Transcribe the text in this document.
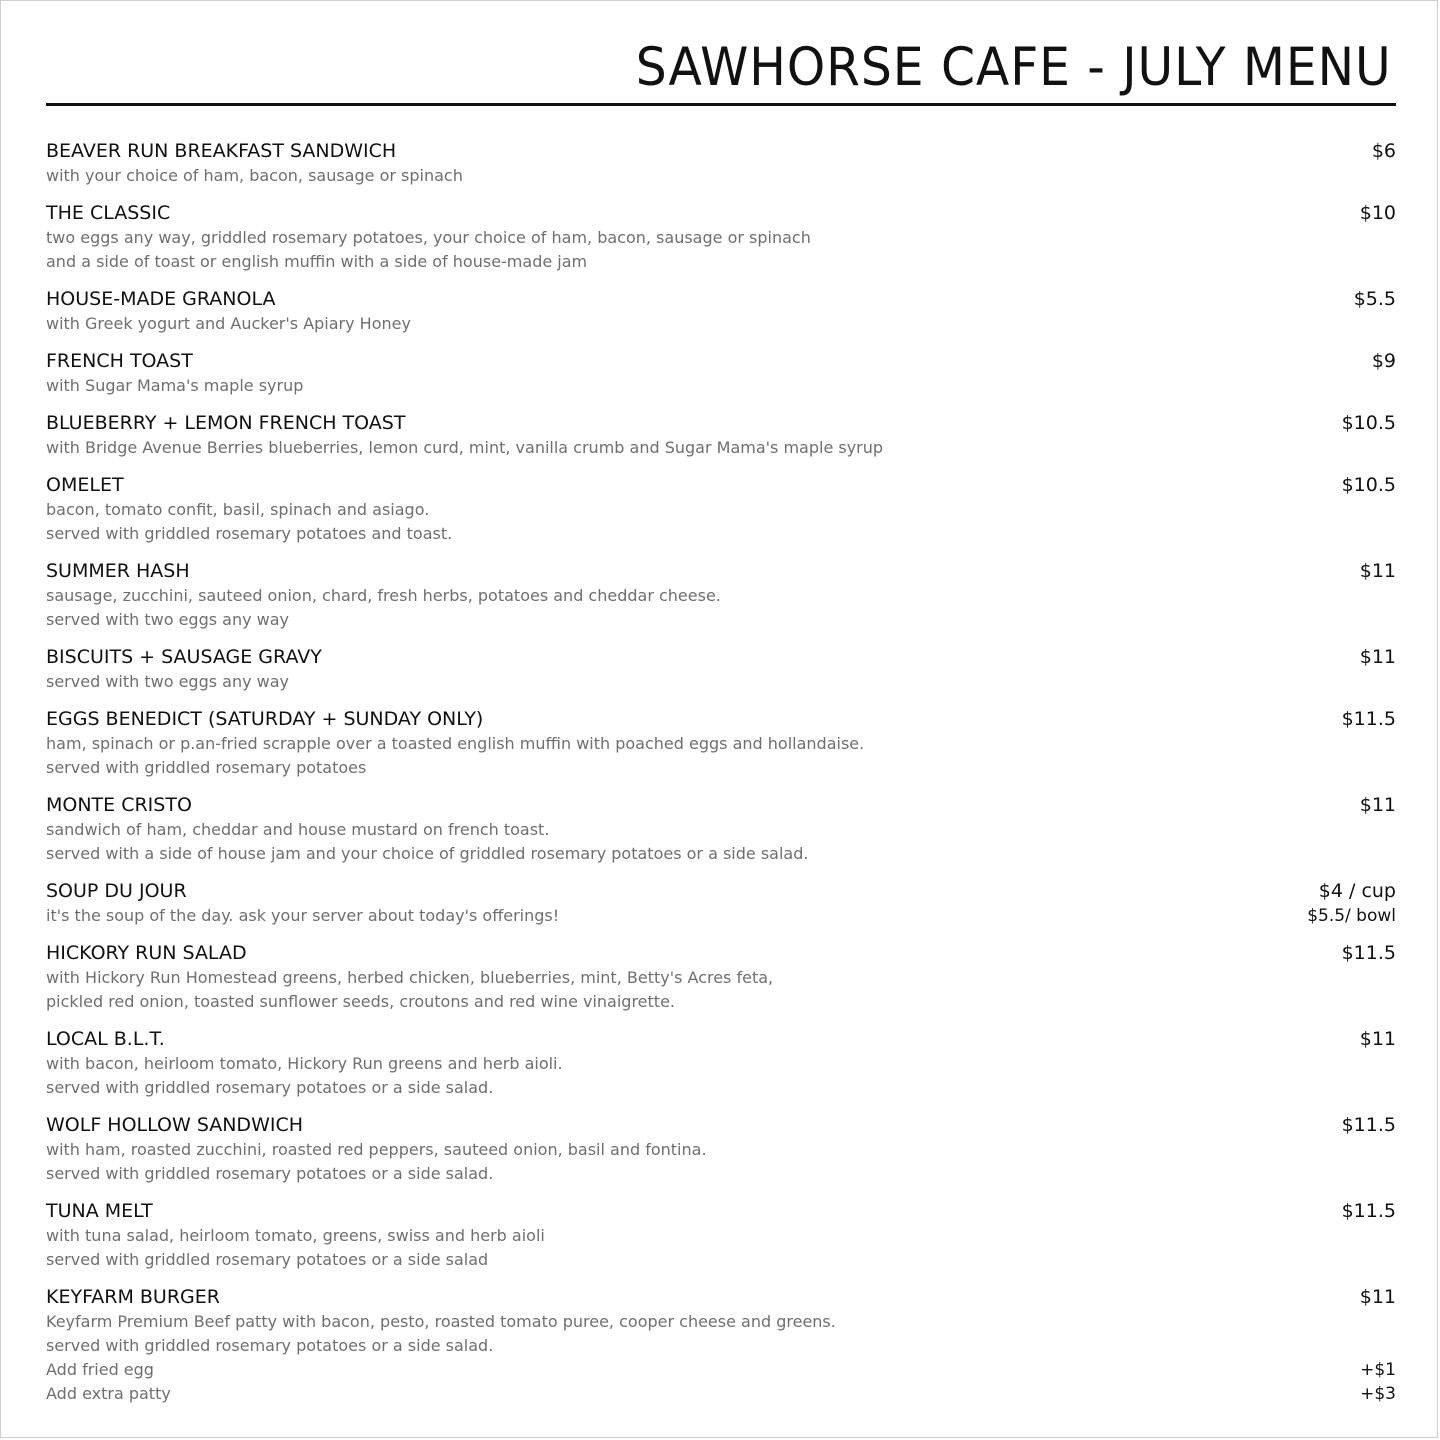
SAWHORSE CAFE - JULY MENU
BEAVER RUN BREAKFAST SANDWICH
with your choice of ham, bacon, sausage or spinach
$6
THE CLASSIC
two eggs any way, griddled rosemary potatoes, your choice of ham, bacon, sausage or spinach
and a side of toast or english muffin with a side of house-made jam
$10
HOUSE-MADE GRANOLA
with Greek yogurt and Aucker's Apiary Honey
$5.5
FRENCH TOAST
with Sugar Mama's maple syrup
$9
BLUEBERRY + LEMON FRENCH TOAST
with Bridge Avenue Berries blueberries, lemon curd, mint, vanilla crumb and Sugar Mama's maple syrup
$10.5
OMELET
bacon, tomato confit, basil, spinach and asiago.
served with griddled rosemary potatoes and toast.
$10.5
SUMMER HASH
sausage, zucchini, sauteed onion, chard, fresh herbs, potatoes and cheddar cheese.
served with two eggs any way
$11
BISCUITS + SAUSAGE GRAVY
served with two eggs any way
$11
EGGS BENEDICT (SATURDAY + SUNDAY ONLY)
ham, spinach or p.an-fried scrapple over a toasted english muffin with poached eggs and hollandaise.
served with griddled rosemary potatoes
$11.5
MONTE CRISTO
sandwich of ham, cheddar and house mustard on french toast.
served with a side of house jam and your choice of griddled rosemary potatoes or a side salad.
$11
SOUP DU JOUR
it's the soup of the day. ask your server about today's offerings!
$4 / cup
$5.5/ bowl
HICKORY RUN SALAD
with Hickory Run Homestead greens, herbed chicken, blueberries, mint, Betty's Acres feta,
pickled red onion, toasted sunflower seeds, croutons and red wine vinaigrette.
$11.5
LOCAL B.L.T.
with bacon, heirloom tomato, Hickory Run greens and herb aioli.
served with griddled rosemary potatoes or a side salad.
$11
WOLF HOLLOW SANDWICH
with ham, roasted zucchini, roasted red peppers, sauteed onion, basil and fontina.
served with griddled rosemary potatoes or a side salad.
$11.5
TUNA MELT
with tuna salad, heirloom tomato, greens, swiss and herb aioli
served with griddled rosemary potatoes or a side salad
$11.5
KEYFARM BURGER
Keyfarm Premium Beef patty with bacon, pesto, roasted tomato puree, cooper cheese and greens.
served with griddled rosemary potatoes or a side salad.
$11
Add fried egg	+$1
Add extra patty	+$3
